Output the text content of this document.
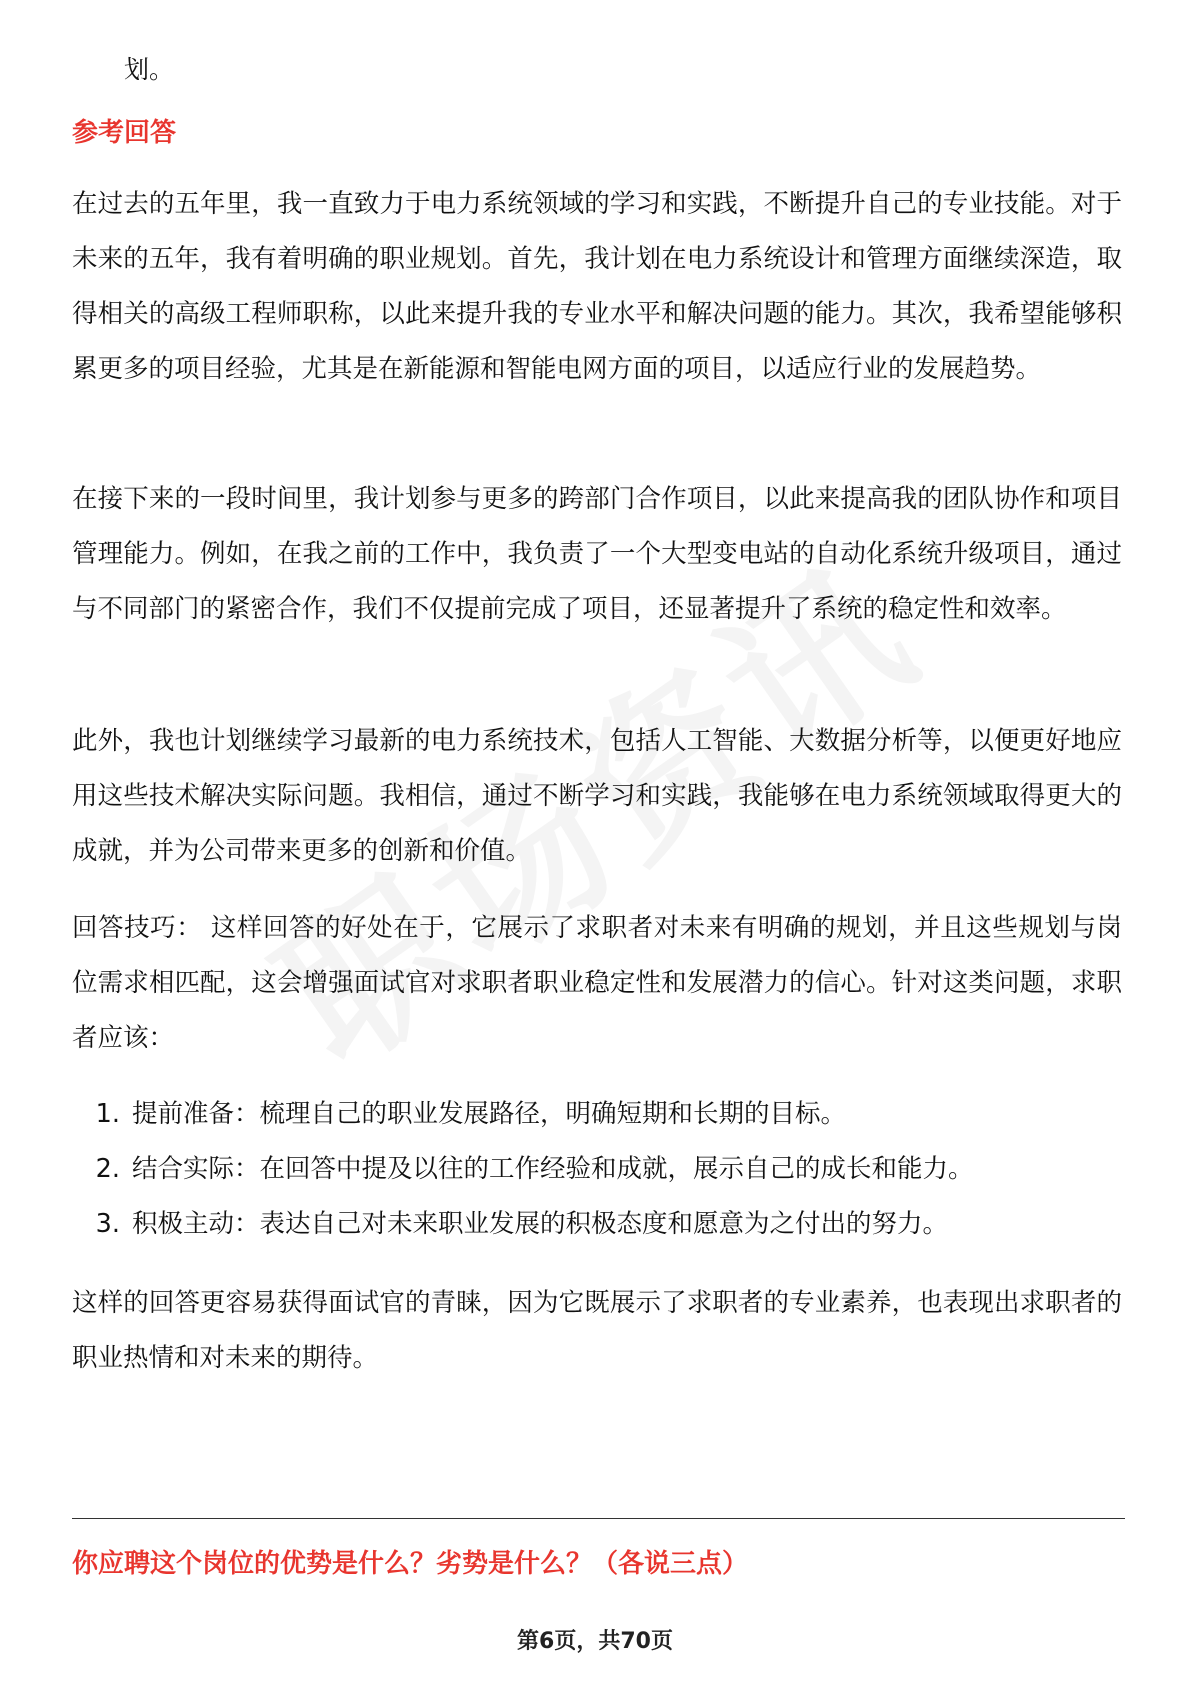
划。
参考回答
在过去的五年里，我一直致力于电力系统领域的学习和实践，不断提升自己的专业技能。对于未来的五年，我有着明确的职业规划。首先，我计划在电力系统设计和管理方面继续深造，取得相关的高级工程师职称，以此来提升我的专业水平和解决问题的能力。其次，我希望能够积累更多的项目经验，尤其是在新能源和智能电网方面的项目，以适应行业的发展趋势。
在接下来的一段时间里，我计划参与更多的跨部门合作项目，以此来提高我的团队协作和项目管理能力。例如，在我之前的工作中，我负责了一个大型变电站的自动化系统升级项目，通过与不同部门的紧密合作，我们不仅提前完成了项目，还显著提升了系统的稳定性和效率。
此外，我也计划继续学习最新的电力系统技术，包括人工智能、大数据分析等，以便更好地应用这些技术解决实际问题。我相信，通过不断学习和实践，我能够在电力系统领域取得更大的成就，并为公司带来更多的创新和价值。
回答技巧： 这样回答的好处在于，它展示了求职者对未来有明确的规划，并且这些规划与岗位需求相匹配，这会增强面试官对求职者职业稳定性和发展潜力的信心。针对这类问题，求职者应该：
1. 提前准备：梳理自己的职业发展路径，明确短期和长期的目标。
2. 结合实际：在回答中提及以往的工作经验和成就，展示自己的成长和能力。
3. 积极主动：表达自己对未来职业发展的积极态度和愿意为之付出的努力。
这样的回答更容易获得面试官的青睐，因为它既展示了求职者的专业素养，也表现出求职者的职业热情和对未来的期待。
你应聘这个岗位的优势是什么？劣势是什么？（各说三点）
第6页，共70页
